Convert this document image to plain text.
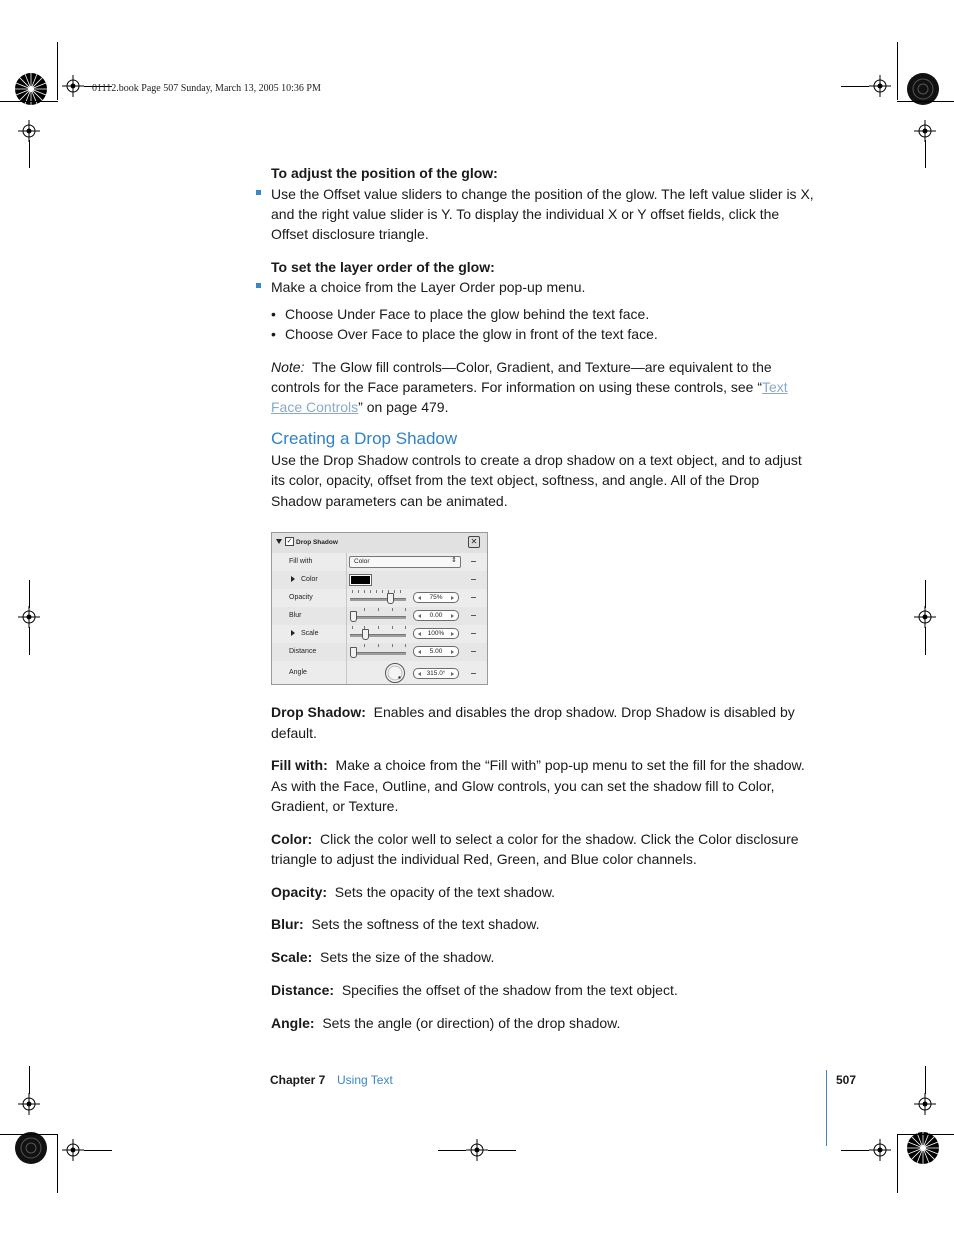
01112.book Page 507 Sunday, March 13, 2005 10:36 PM
To adjust the position of the glow:
Use the Offset value sliders to change the position of the glow. The left value slider is X,
and the right value slider is Y. To display the individual X or Y offset fields, click the
Offset disclosure triangle.
To set the layer order of the glow:
Make a choice from the Layer Order pop-up menu.
• Choose Under Face to place the glow behind the text face.
• Choose Over Face to place the glow in front of the text face.
Note: The Glow fill controls—Color, Gradient, and Texture—are equivalent to the
controls for the Face parameters. For information on using these controls, see “Text
Face Controls” on page 479.
Creating a Drop Shadow
Use the Drop Shadow controls to create a drop shadow on a text object, and to adjust
its color, opacity, offset from the text object, softness, and angle. All of the Drop
Shadow parameters can be animated.
✓ Drop Shadow	✕
Fill with	Color	⇕
Color
Opacity	75%
Blur	0.00
Scale	100%
Distance	5.00
Angle	315.0°
Drop Shadow: Enables and disables the drop shadow. Drop Shadow is disabled by
default.
Fill with: Make a choice from the “Fill with” pop-up menu to set the fill for the shadow.
As with the Face, Outline, and Glow controls, you can set the shadow fill to Color,
Gradient, or Texture.
Color: Click the color well to select a color for the shadow. Click the Color disclosure
triangle to adjust the individual Red, Green, and Blue color channels.
Opacity: Sets the opacity of the text shadow.
Blur: Sets the softness of the text shadow.
Scale: Sets the size of the shadow.
Distance: Specifies the offset of the shadow from the text object.
Angle: Sets the angle (or direction) of the drop shadow.
Chapter 7 Using Text	507
